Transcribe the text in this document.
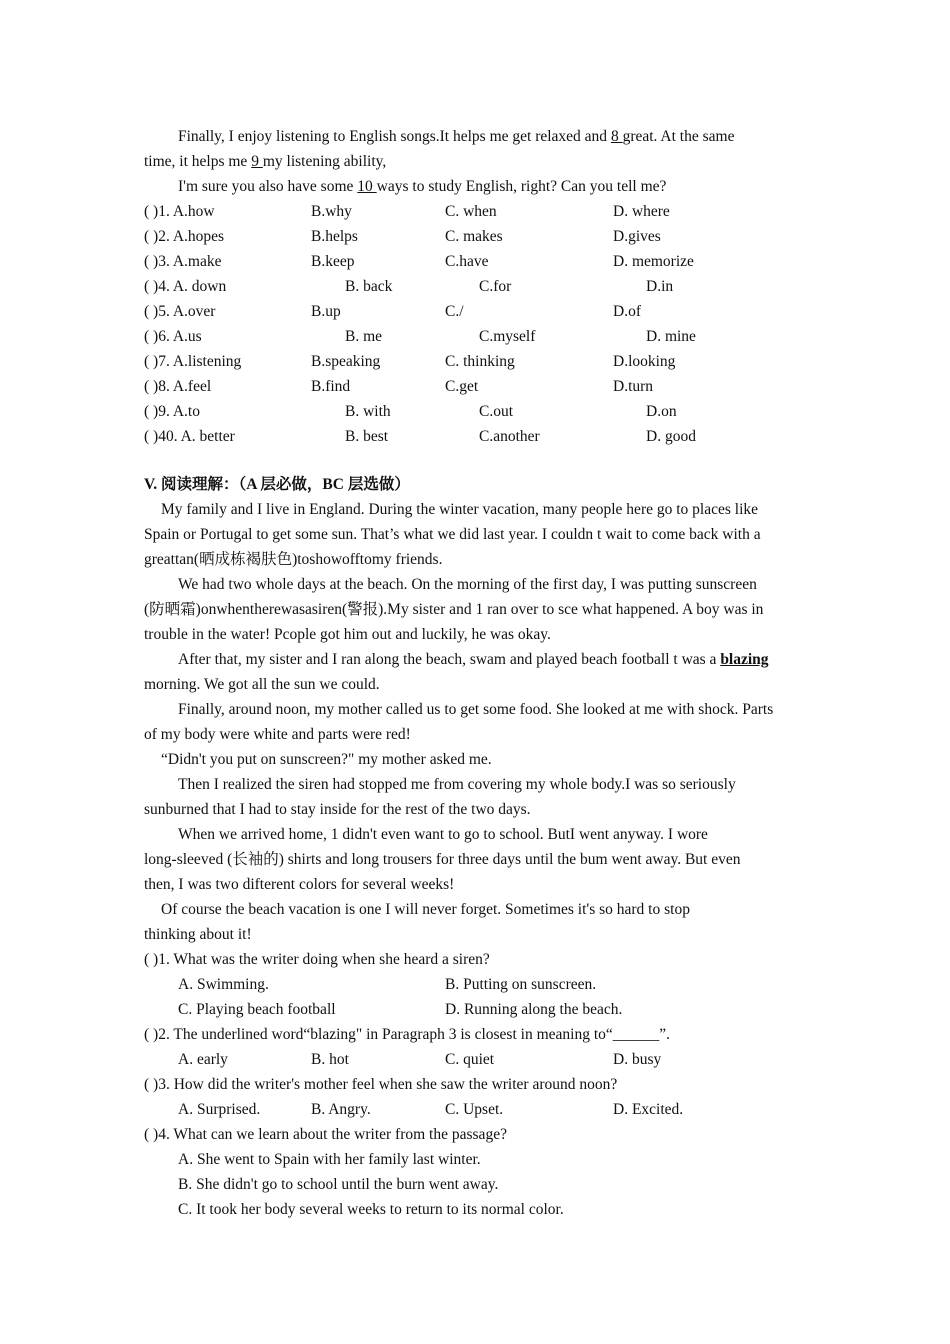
Finally, I enjoy listening to English songs.It helps me get relaxed and 8 great. At the same
time, it helps me 9 my listening ability,
I'm sure you also have some 10 ways to study English, right? Can you tell me?
( )1. A.how	B.why	C. when	D. where
( )2. A.hopes	B.helps	C. makes	D.gives
( )3. A.make	B.keep	C.have	D. memorize
( )4. A. down	B. back	C.for	D.in
( )5. A.over	B.up	C./	D.of
( )6. A.us	B. me	C.myself	D. mine
( )7. A.listening	B.speaking	C. thinking	D.looking
( )8. A.feel	B.find	C.get	D.turn
( )9. A.to	B. with	C.out	D.on
( )40. A. better	B. best	C.another	D. good
V. 阅读理解：（A 层必做，BC 层选做）
My family and I live in England. During the winter vacation, many people here go to places like
Spain or Portugal to get some sun. That’s what we did last year. I couldn t wait to come back with a
greattan(晒成栋褐肤色)toshowofftomy friends.
We had two whole days at the beach. On the morning of the first day, I was putting sunscreen
(防晒霜)onwhentherewasasiren(警报).My sister and 1 ran over to sce what happened. A boy was in
trouble in the water! Pcople got him out and luckily, he was okay.
After that, my sister and I ran along the beach, swam and played beach football t was a blazing
morning. We got all the sun we could.
Finally, around noon, my mother called us to get some food. She looked at me with shock. Parts
of my body were white and parts were red!
“Didn't you put on sunscreen?" my mother asked me.
Then I realized the siren had stopped me from covering my whole body.I was so seriously
sunburned that I had to stay inside for the rest of the two days.
When we arrived home, 1 didn't even want to go to school. ButI went anyway. I wore
long-sleeved (长袖的) shirts and long trousers for three days until the bum went away. But even
then, I was two difterent colors for several weeks!
Of course the beach vacation is one I will never forget. Sometimes it's so hard to stop
thinking about it!
( )1. What was the writer doing when she heard a siren?
A. Swimming.	B. Putting on sunscreen.
C. Playing beach football	D. Running along the beach.
( )2. The underlined word“blazing" in Paragraph 3 is closest in meaning to“______”.
A. early	B. hot	C. quiet	D. busy
( )3. How did the writer's mother feel when she saw the writer around noon?
A. Surprised.	B. Angry.	C. Upset.	D. Excited.
( )4. What can we learn about the writer from the passage?
A. She went to Spain with her family last winter.
B. She didn't go to school until the burn went away.
C. It took her body several weeks to return to its normal color.
